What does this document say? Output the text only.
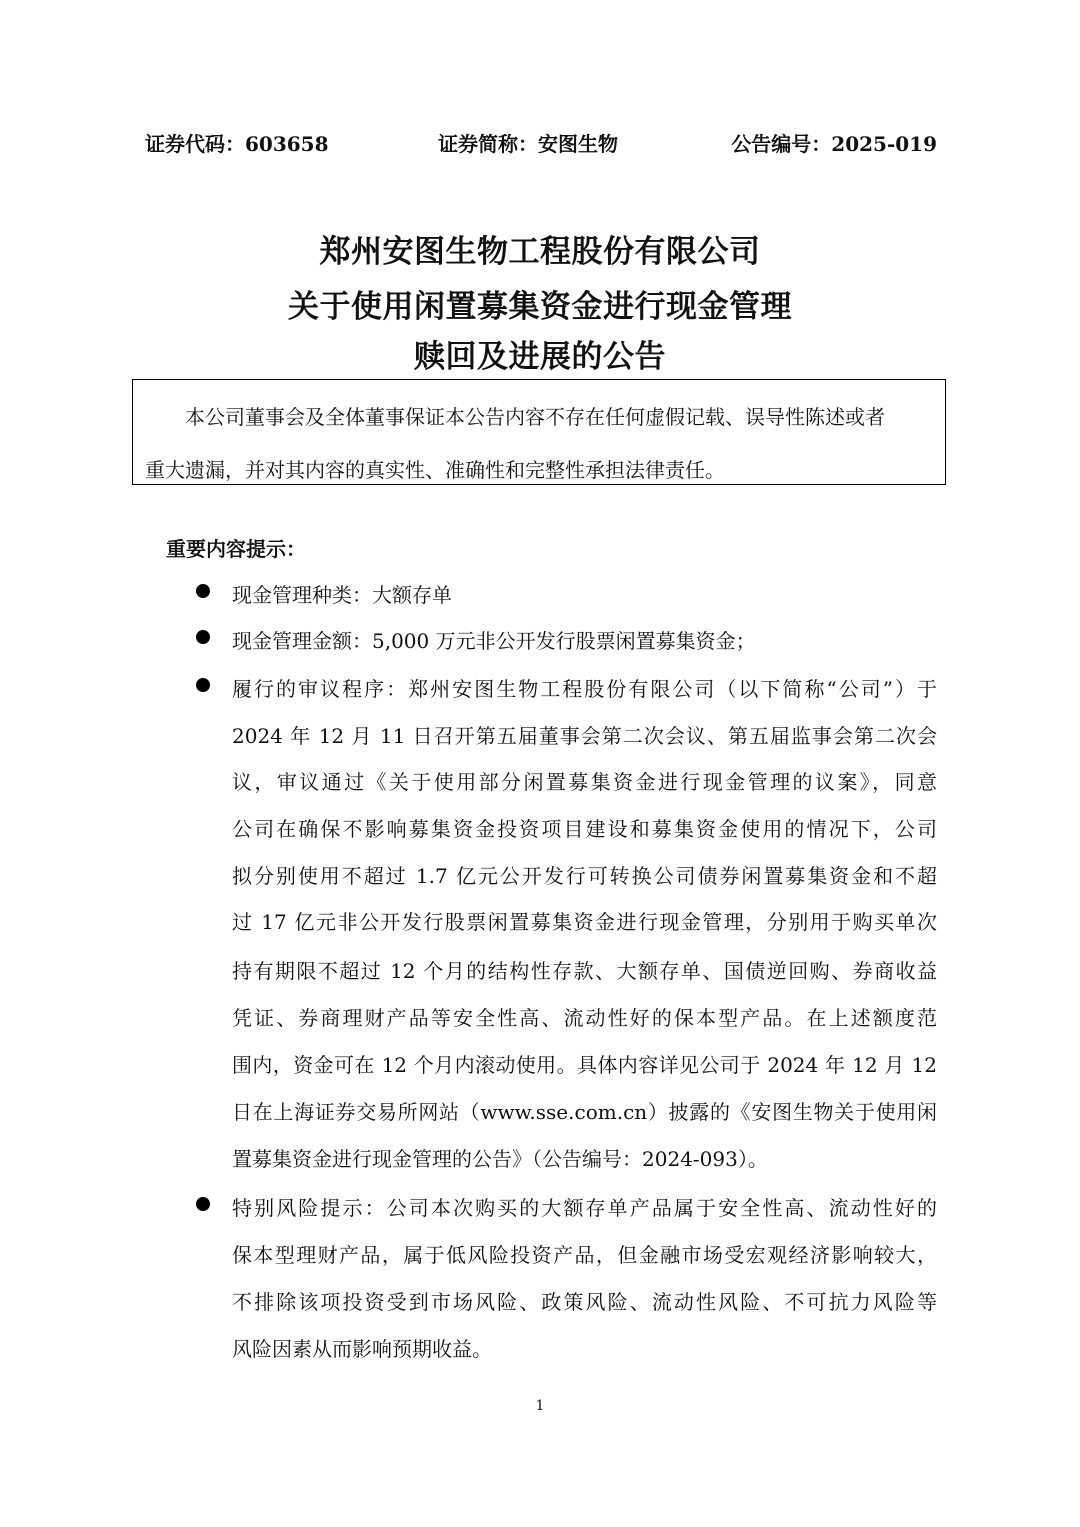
证券代码：603658	证券简称：安图生物	公告编号：2025-019
郑州安图生物工程股份有限公司
关于使用闲置募集资金进行现金管理
赎回及进展的公告
本公司董事会及全体董事保证本公告内容不存在任何虚假记载、误导性陈述或者
重大遗漏，并对其内容的真实性、准确性和完整性承担法律责任。
重要内容提示：
现金管理种类：大额存单
现金管理金额：5,000 万元非公开发行股票闲置募集资金；
履行的审议程序：郑州安图生物工程股份有限公司（以下简称“公司”）于
2024 年 12 月 11 日召开第五届董事会第二次会议、第五届监事会第二次会
议，审议通过《关于使用部分闲置募集资金进行现金管理的议案》，同意
公司在确保不影响募集资金投资项目建设和募集资金使用的情况下，公司
拟分别使用不超过 1.7 亿元公开发行可转换公司债券闲置募集资金和不超
过 17 亿元非公开发行股票闲置募集资金进行现金管理，分别用于购买单次
持有期限不超过 12 个月的结构性存款、大额存单、国债逆回购、券商收益
凭证、券商理财产品等安全性高、流动性好的保本型产品。在上述额度范
围内，资金可在 12 个月内滚动使用。具体内容详见公司于 2024 年 12 月 12
日在上海证券交易所网站（www.sse.com.cn）披露的《安图生物关于使用闲
置募集资金进行现金管理的公告》（公告编号：2024-093）。
特别风险提示：公司本次购买的大额存单产品属于安全性高、流动性好的
保本型理财产品，属于低风险投资产品，但金融市场受宏观经济影响较大，
不排除该项投资受到市场风险、政策风险、流动性风险、不可抗力风险等
风险因素从而影响预期收益。
1
